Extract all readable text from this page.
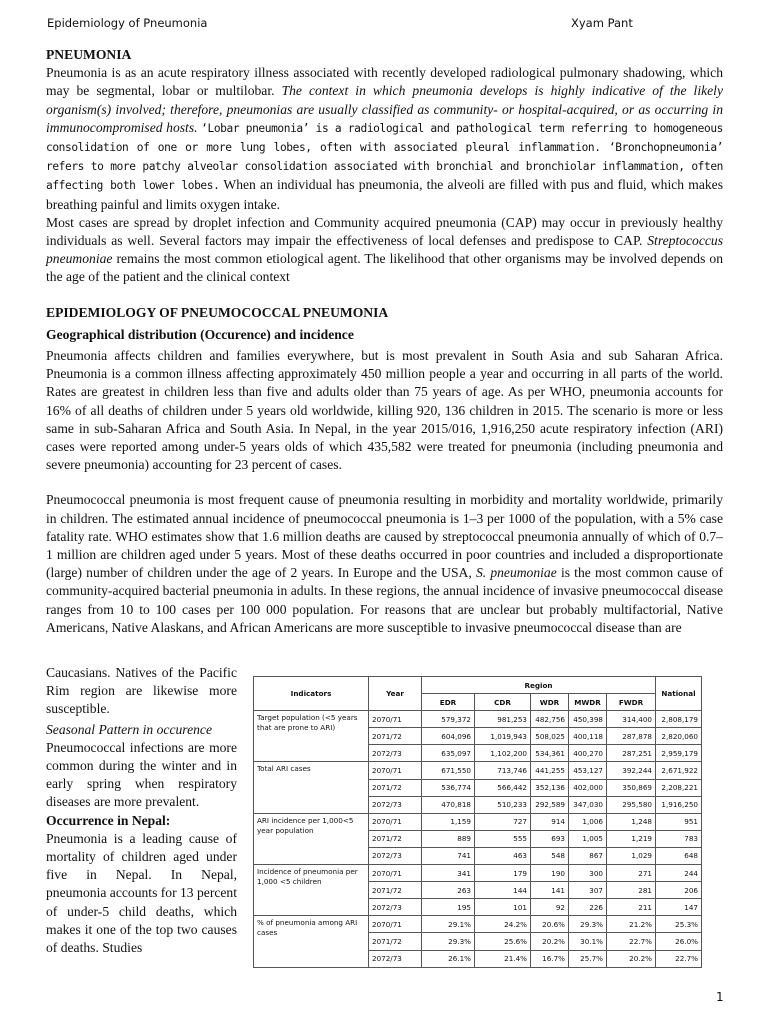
Epidemiology of Pneumonia	Xyam Pant

PNEUMONIA

Pneumonia is as an acute respiratory illness associated with recently developed radiological pulmonary shadowing, which may be segmental, lobar or multilobar. The context in which pneumonia develops is highly indicative of the likely organism(s) involved; therefore, pneumonias are usually classified as community- or hospital-acquired, or as occurring in immunocompromised hosts. ‘Lobar pneumonia’ is a radiological and pathological term referring to homogeneous consolidation of one or more lung lobes, often with associated pleural inflammation. ‘Bronchopneumonia’ refers to more patchy alveolar consolidation associated with bronchial and bronchiolar inflammation, often affecting both lower lobes. When an individual has pneumonia, the alveoli are filled with pus and fluid, which makes breathing painful and limits oxygen intake.

Most cases are spread by droplet infection and Community acquired pneumonia (CAP) may occur in previously healthy individuals as well. Several factors may impair the effectiveness of local defenses and predispose to CAP. Streptococcus pneumoniae remains the most common etiological agent. The likelihood that other organisms may be involved depends on the age of the patient and the clinical context

EPIDEMIOLOGY OF PNEUMOCOCCAL PNEUMONIA

Geographical distribution (Occurence) and incidence

Pneumonia affects children and families everywhere, but is most prevalent in South Asia and sub Saharan Africa. Pneumonia is a common illness affecting approximately 450 million people a year and occurring in all parts of the world. Rates are greatest in children less than five and adults older than 75 years of age. As per WHO, pneumonia accounts for 16% of all deaths of children under 5 years old worldwide, killing 920, 136 children in 2015. The scenario is more or less same in sub-Saharan Africa and South Asia. In Nepal, in the year 2015/016, 1,916,250 acute respiratory infection (ARI) cases were reported among under-5 years olds of which 435,582 were treated for pneumonia (including pneumonia and severe pneumonia) accounting for 23 percent of cases.

Pneumococcal pneumonia is most frequent cause of pneumonia resulting in morbidity and mortality worldwide, primarily in children. The estimated annual incidence of pneumococcal pneumonia is 1–3 per 1000 of the population, with a 5% case fatality rate. WHO estimates show that 1.6 million deaths are caused by streptococcal pneumonia annually of which of 0.7–1 million are children aged under 5 years. Most of these deaths occurred in poor countries and included a disproportionate (large) number of children under the age of 2 years. In Europe and the USA, S. pneumoniae is the most common cause of community-acquired bacterial pneumonia in adults. In these regions, the annual incidence of invasive pneumococcal disease ranges from 10 to 100 cases per 100 000 population. For reasons that are unclear but probably multifactorial, Native Americans, Native Alaskans, and African Americans are more susceptible to invasive pneumococcal disease than are

Caucasians. Natives of the Pacific Rim region are likewise more susceptible.

Seasonal Pattern in occurence

Pneumococcal infections are more common during the winter and in early spring when respiratory diseases are more prevalent.

Occurrence in Nepal:

Pneumonia is a leading cause of mortality of children aged under five in Nepal. In Nepal, pneumonia accounts for 13 percent of under-5 child deaths, which makes it one of the top two causes of deaths. Studies

Indicators	Year	Region					National
		EDR	CDR	WDR	MWDR	FWDR	
Target population (<5 years that are prone to ARI)	2070/71	579,372	981,253	482,756	450,398	314,400	2,808,179
	2071/72	604,096	1,019,943	508,025	400,118	287,878	2,820,060
	2072/73	635,097	1,102,200	534,361	400,270	287,251	2,959,179
Total ARI cases	2070/71	671,550	713,746	441,255	453,127	392,244	2,671,922
	2071/72	536,774	566,442	352,136	402,000	350,869	2,208,221
	2072/73	470,818	510,233	292,589	347,030	295,580	1,916,250
ARI incidence per 1,000<5 year population	2070/71	1,159	727	914	1,006	1,248	951
	2071/72	889	555	693	1,005	1,219	783
	2072/73	741	463	548	867	1,029	648
Incidence of pneumonia per 1,000 <5 children	2070/71	341	179	190	300	271	244
	2071/72	263	144	141	307	281	206
	2072/73	195	101	92	226	211	147
% of pneumonia among ARI cases	2070/71	29.1%	24.2%	20.6%	29.3%	21.2%	25.3%
	2071/72	29.3%	25.6%	20.2%	30.1%	22.7%	26.0%
	2072/73	26.1%	21.4%	16.7%	25.7%	20.2%	22.7%
1
